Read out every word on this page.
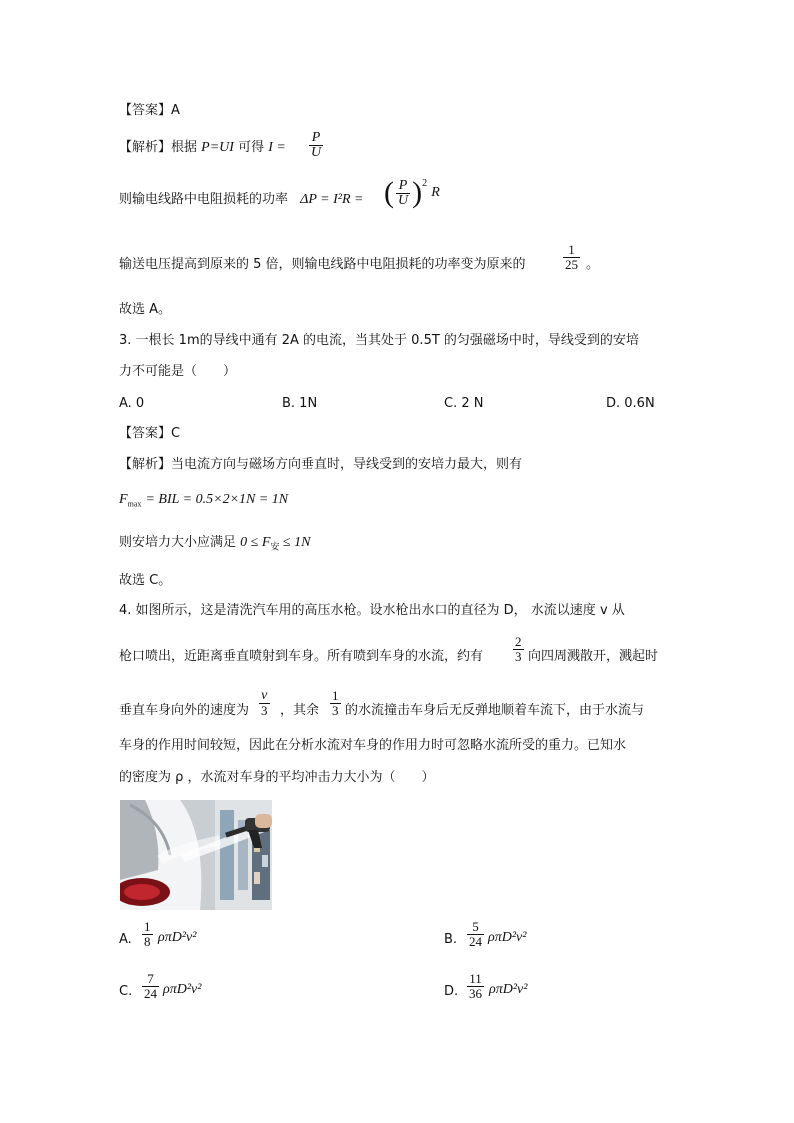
【答案】A
【解析】根据 P=UI 可得 $I = \frac{P}{U}$
则输电线路中电阻损耗的功率 ΔP = I²R = ( $\frac{P}{U} )^2$ R
输送电压提高到原来的 5 倍，则输电线路中电阻损耗的功率变为原来的	$\frac{1}{25}$ 。
故选 A。
3. 一根长 1m的导线中通有 2A 的电流，当其处于 0.5T 的匀强磁场中时，导线受到的安培
力不可能是（　　）
A. 0	B. 1N	C. 2 N	D. 0.6N
【答案】C
【解析】当电流方向与磁场方向垂直时，导线受到的安培力最大，则有
$F_{max}$ = BIL = 0.5×2×1N = 1N
则安培力大小应满足 $0 \le F_安 \le 1N$
故选 C。
4. 如图所示，这是清洗汽车用的高压水枪。设水枪出水口的直径为 D， 水流以速度 v 从
枪口喷出，近距离垂直喷射到车身。所有喷到车身的水流，约有 $\frac{2}{3}$ 向四周溅散开，溅起时
垂直车身向外的速度为 $\frac{v}{3}$ ，其余 $\frac{1}{3}$ 的水流撞击车身后无反弹地顺着车流下，由于水流与
车身的作用时间较短，因此在分析水流对车身的作用力时可忽略水流所受的重力。已知水
的密度为 ρ ，水流对车身的平均冲击力大小为（　　）
A. $\frac{1}{8} \rho\pi D^2v^2$	B. $\frac{5}{24} \rho\pi D^2v^2$
C. $\frac{7}{24} \rho\pi D^2v^2$	D. $\frac{11}{36} \rho\pi D^2v^2$
